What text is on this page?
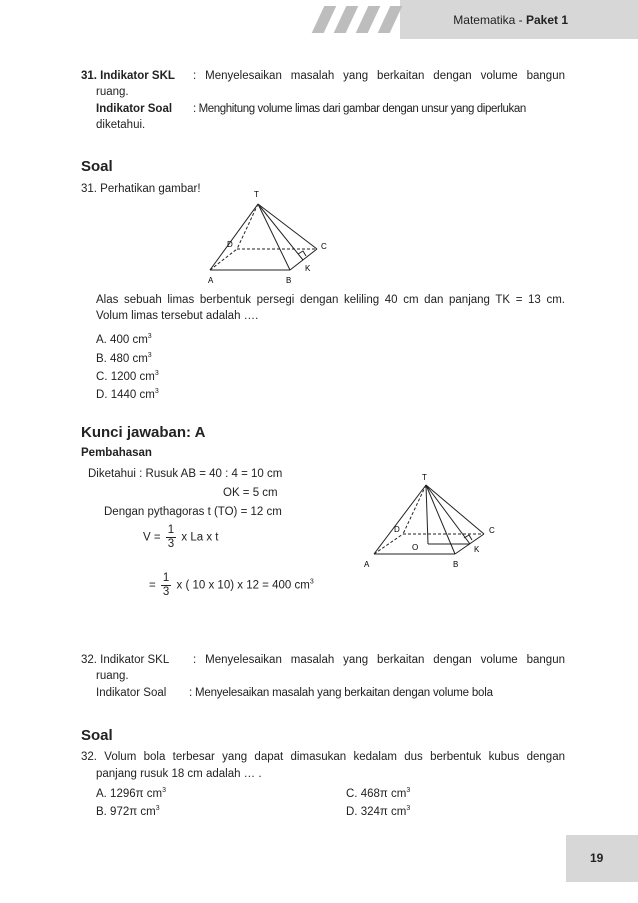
Matematika - Paket 1
31. Indikator SKL : Menyelesaikan masalah yang berkaitan dengan volume bangun
ruang.
Indikator Soal : Menghitung volume limas dari gambar dengan unsur yang diperlukan
diketahui.
Soal
31. Perhatikan gambar!	T
D	C
A	B
K
Alas sebuah limas berbentuk persegi dengan keliling 40 cm dan panjang TK = 13 cm.
Volum limas tersebut adalah ….
A. 400 $cm^3$
B. 480 $cm^3$
C. 1200 $cm^3$
D. 1440 $cm^3$
Kunci jawaban: A
Pembahasan
Diketahui : Rusuk AB = 40 : 4 = 10 cm
OK = 5 cm
Dengan pythagoras t (TO) = 12 cm
$V = \frac{1}{3}$ x La x t
= $\frac{1}{3}$ x ( 10 x 10) x 12 = 400 $cm^3$
T
D	C
O	K
A	B
32. Indikator SKL : Menyelesaikan masalah yang berkaitan dengan volume bangun
ruang.
Indikator Soal : Menyelesaikan masalah yang berkaitan dengan volume bola
Soal
32. Volum bola terbesar yang dapat dimasukan kedalam dus berbentuk kubus dengan
panjang rusuk 18 cm adalah … .
A. 1296π $cm^3$
B. 972π $cm^3$
C. 468π $cm^3$
D. 324π $cm^3$
19
